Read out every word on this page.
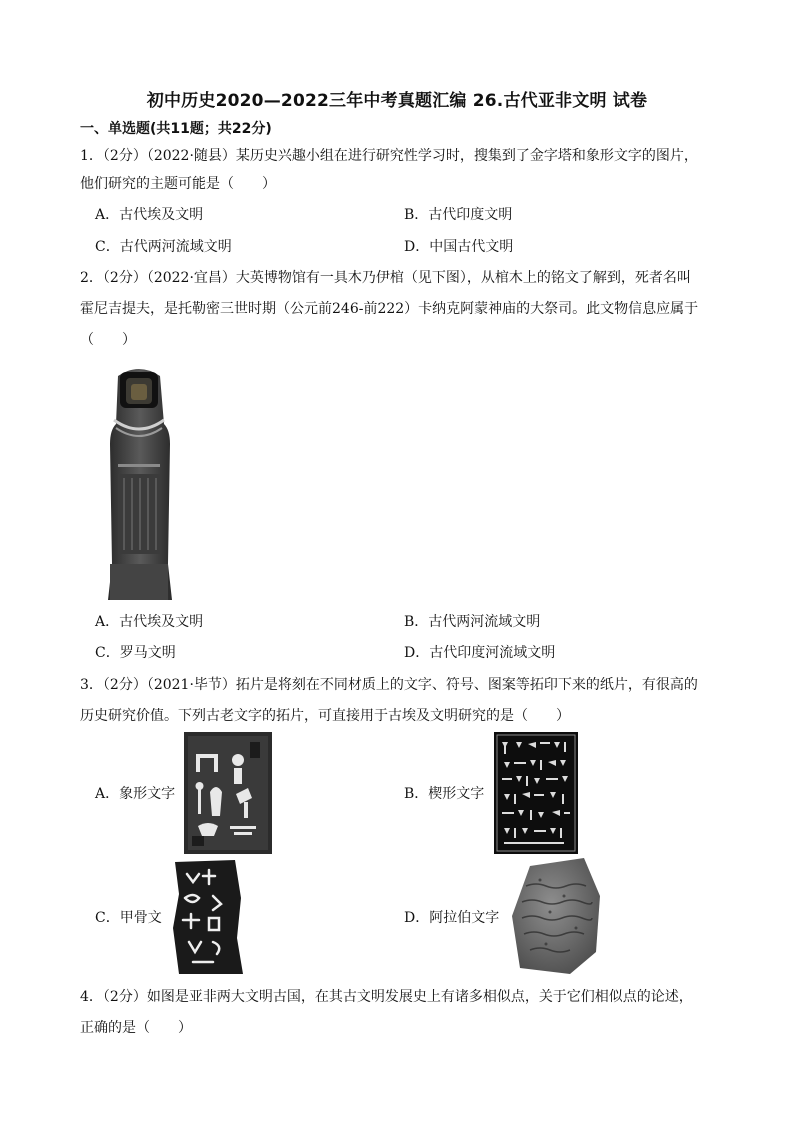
初中历史2020—2022三年中考真题汇编 26.古代亚非文明 试卷
一、单选题(共11题；共22分)
1．（2分）（2022·随县）某历史兴趣小组在进行研究性学习时，搜集到了金字塔和象形文字的图片，
他们研究的主题可能是（　　）
A．古代埃及文明	B．古代印度文明
C．古代两河流域文明	D．中国古代文明
2．（2分）（2022·宜昌）大英博物馆有一具木乃伊棺（见下图），从棺木上的铭文了解到，死者名叫
霍尼吉提夫，是托勒密三世时期（公元前246-前222）卡纳克阿蒙神庙的大祭司。此文物信息应属于
（　　）
A．古代埃及文明	B．古代两河流域文明
C．罗马文明	D．古代印度河流域文明
3．（2分）（2021·毕节）拓片是将刻在不同材质上的文字、符号、图案等拓印下来的纸片，有很高的
历史研究价值。下列古老文字的拓片，可直接用于古埃及文明研究的是（　　）
A．象形文字	B．楔形文字
C．甲骨文	D．阿拉伯文字
4．（2分）如图是亚非两大文明古国，在其古文明发展史上有诸多相似点，关于它们相似点的论述，
正确的是（　　）
